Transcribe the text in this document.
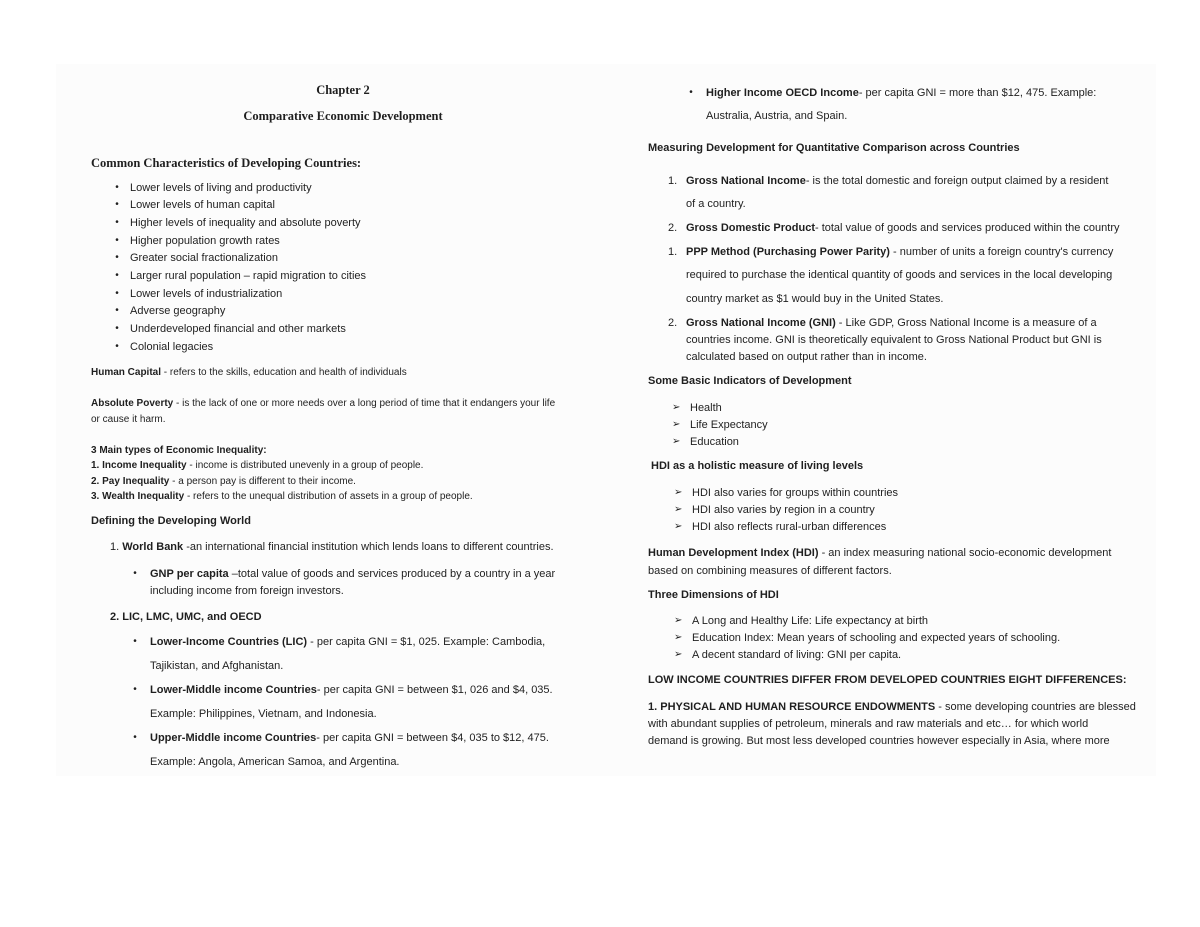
Chapter 2
Comparative Economic Development
Common Characteristics of Developing Countries:
• Lower levels of living and productivity
• Lower levels of human capital
• Higher levels of inequality and absolute poverty
• Higher population growth rates
• Greater social fractionalization
• Larger rural population – rapid migration to cities
• Lower levels of industrialization
• Adverse geography
• Underdeveloped financial and other markets
• Colonial legacies
Human Capital - refers to the skills, education and health of individuals
Absolute Poverty - is the lack of one or more needs over a long period of time that it endangers your life
or cause it harm.
3 Main types of Economic Inequality:
1. Income Inequality - income is distributed unevenly in a group of people.
2. Pay Inequality - a person pay is different to their income.
3. Wealth Inequality - refers to the unequal distribution of assets in a group of people.
Defining the Developing World
1. World Bank -an international financial institution which lends loans to different countries.
• GNP per capita –total value of goods and services produced by a country in a year
including income from foreign investors.
2. LIC, LMC, UMC, and OECD
• Lower-Income Countries (LIC) - per capita GNI = $1, 025. Example: Cambodia,
Tajikistan, and Afghanistan.
• Lower-Middle income Countries- per capita GNI = between $1, 026 and $4, 035.
Example: Philippines, Vietnam, and Indonesia.
• Upper-Middle income Countries- per capita GNI = between $4, 035 to $12, 475.
Example: Angola, American Samoa, and Argentina.
• Higher Income OECD Income- per capita GNI = more than $12, 475. Example:
Australia, Austria, and Spain.
Measuring Development for Quantitative Comparison across Countries
1. Gross National Income- is the total domestic and foreign output claimed by a resident
of a country.
2. Gross Domestic Product- total value of goods and services produced within the country
1. PPP Method (Purchasing Power Parity) - number of units a foreign country's currency
required to purchase the identical quantity of goods and services in the local developing
country market as $1 would buy in the United States.
2. Gross National Income (GNI) - Like GDP, Gross National Income is a measure of a
countries income. GNI is theoretically equivalent to Gross National Product but GNI is
calculated based on output rather than in income.
Some Basic Indicators of Development
➢ Health
➢ Life Expectancy
➢ Education
HDI as a holistic measure of living levels
➢ HDI also varies for groups within countries
➢ HDI also varies by region in a country
➢ HDI also reflects rural-urban differences
Human Development Index (HDI) - an index measuring national socio-economic development
based on combining measures of different factors.
Three Dimensions of HDI
➢ A Long and Healthy Life: Life expectancy at birth
➢ Education Index: Mean years of schooling and expected years of schooling.
➢ A decent standard of living: GNI per capita.
LOW INCOME COUNTRIES DIFFER FROM DEVELOPED COUNTRIES EIGHT DIFFERENCES:
1. PHYSICAL AND HUMAN RESOURCE ENDOWMENTS - some developing countries are blessed
with abundant supplies of petroleum, minerals and raw materials and etc… for which world
demand is growing. But most less developed countries however especially in Asia, where more
